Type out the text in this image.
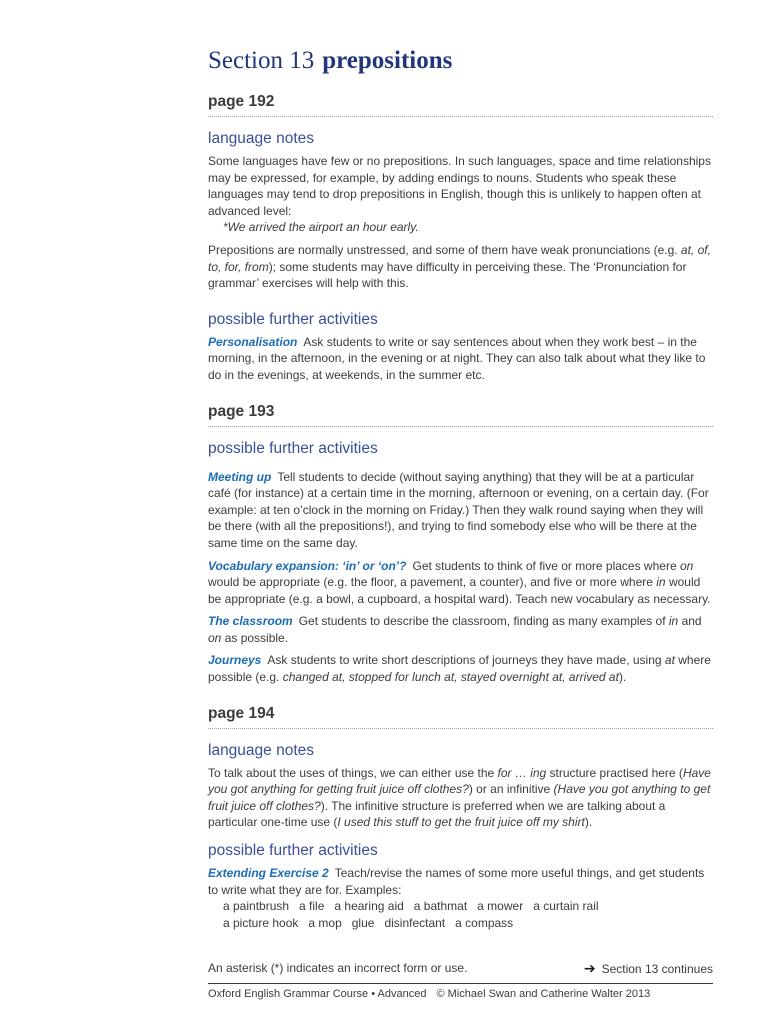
Section 13 prepositions
page 192
language notes

Some languages have few or no prepositions. In such languages, space and time relationships may be expressed, for example, by adding endings to nouns. Students who speak these languages may tend to drop prepositions in English, though this is unlikely to happen often at advanced level:

*We arrived the airport an hour early.

Prepositions are normally unstressed, and some of them have weak pronunciations (e.g. at, of, to, for, from); some students may have difficulty in perceiving these. The ‘Pronunciation for grammar’ exercises will help with this.

possible further activities

Personalisation Ask students to write or say sentences about when they work best – in the morning, in the afternoon, in the evening or at night. They can also talk about what they like to do in the evenings, at weekends, in the summer etc.

page 193
possible further activities

Meeting up Tell students to decide (without saying anything) that they will be at a particular café (for instance) at a certain time in the morning, afternoon or evening, on a certain day. (For example: at ten o’clock in the morning on Friday.) Then they walk round saying when they will be there (with all the prepositions!), and trying to find somebody else who will be there at the same time on the same day.

Vocabulary expansion: ‘in’ or ‘on’? Get students to think of five or more places where on would be appropriate (e.g. the floor, a pavement, a counter), and five or more where in would be appropriate (e.g. a bowl, a cupboard, a hospital ward). Teach new vocabulary as necessary.

The classroom Get students to describe the classroom, finding as many examples of in and on as possible.

Journeys Ask students to write short descriptions of journeys they have made, using at where possible (e.g. changed at, stopped for lunch at, stayed overnight at, arrived at).

page 194
language notes

To talk about the uses of things, we can either use the for … ing structure practised here (Have you got anything for getting fruit juice off clothes?) or an infinitive (Have you got anything to get fruit juice off clothes?). The infinitive structure is preferred when we are talking about a particular one-time use (I used this stuff to get the fruit juice off my shirt).

possible further activities

Extending Exercise 2 Teach/revise the names of some more useful things, and get students to write what they are for. Examples:

a paintbrush a file a hearing aid a bathmat a mower a curtain rail
a picture hook a mop glue disinfectant a compass
An asterisk (*) indicates an incorrect form or use.	➔ Section 13 continues
Oxford English Grammar Course • Advanced © Michael Swan and Catherine Walter 2013
